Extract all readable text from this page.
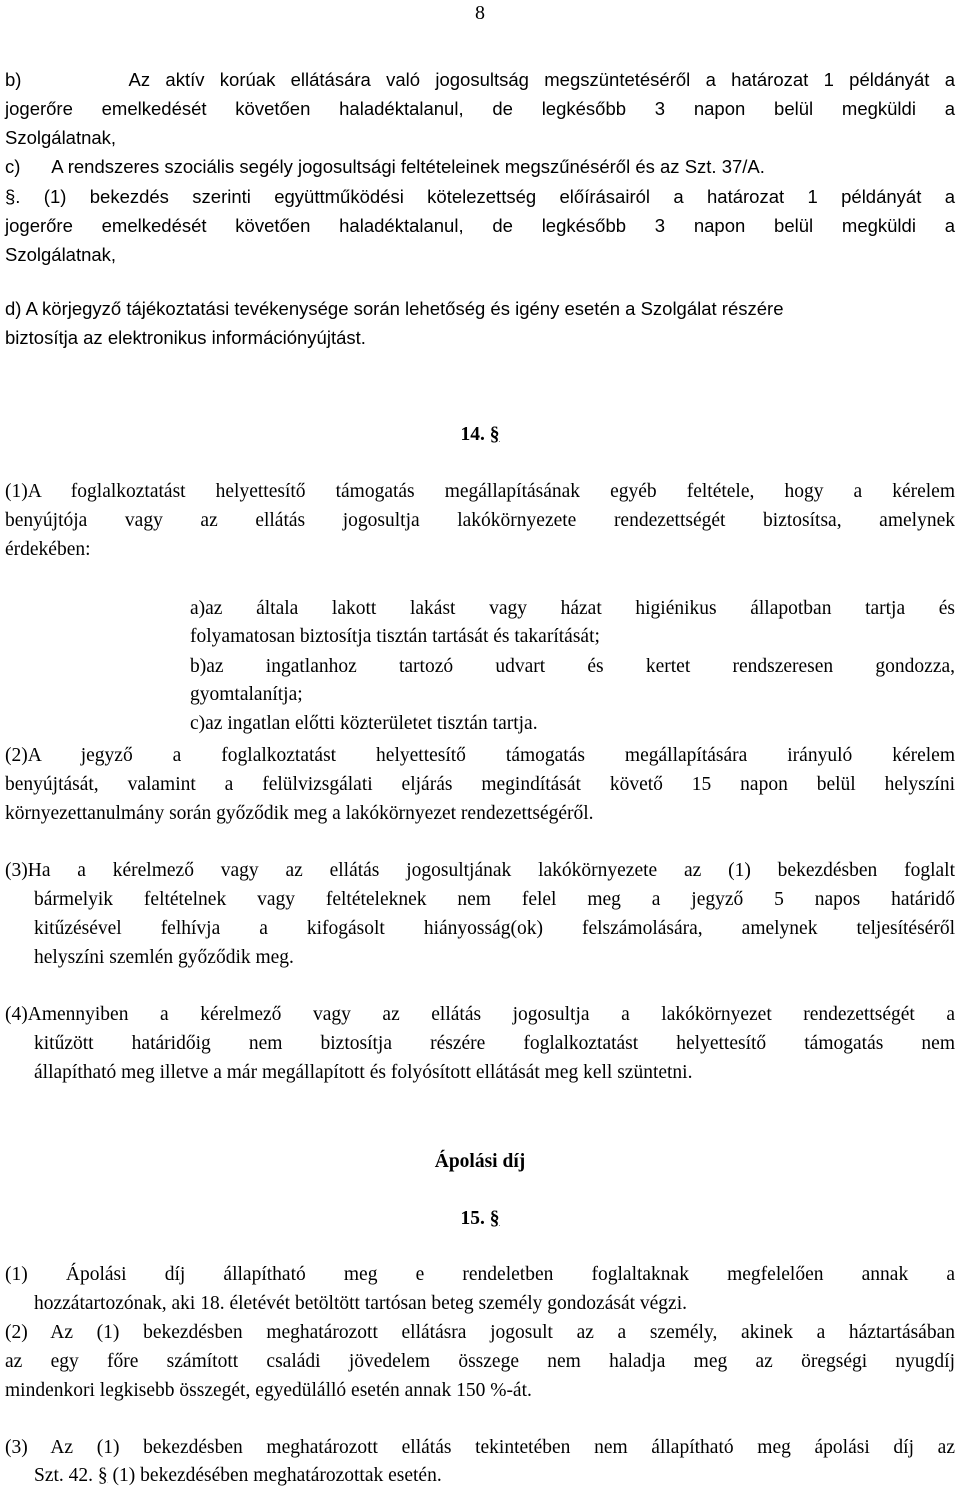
8
b)       Az aktív korúak ellátására való jogosultság megszüntetéséről a határozat 1 példányát a
jogerőre emelkedését követően haladéktalanul, de legkésőbb 3 napon belül megküldi a
Szolgálatnak,
c)      A rendszeres szociális segély jogosultsági feltételeinek megszűnéséről és az Szt. 37/A.
§. (1) bekezdés szerinti együttműködési kötelezettség előírásairól a határozat 1 példányát a
jogerőre emelkedését követően haladéktalanul, de legkésőbb 3 napon belül megküldi a
Szolgálatnak,
d) A körjegyző tájékoztatási tevékenysége során lehetőség és igény esetén a Szolgálat részére
biztosítja az elektronikus információnyújtást.
14. §
(1)A foglalkoztatást helyettesítő támogatás megállapításának egyéb feltétele, hogy a kérelem
benyújtója vagy az ellátás jogosultja lakókörnyezete rendezettségét biztosítsa, amelynek
érdekében:
a)az általa lakott lakást vagy házat higiénikus állapotban tartja és
folyamatosan biztosítja tisztán tartását és takarítását;
b)az ingatlanhoz tartozó udvart és kertet rendszeresen gondozza,
gyomtalanítja;
c)az ingatlan előtti közterületet tisztán tartja.
(2)A jegyző a foglalkoztatást helyettesítő támogatás megállapítására irányuló kérelem
benyújtását, valamint a felülvizsgálati eljárás megindítását követő 15 napon belül helyszíni
környezettanulmány során győződik meg a lakókörnyezet rendezettségéről.
(3)Ha a kérelmező vagy az ellátás jogosultjának lakókörnyezete az (1) bekezdésben foglalt
bármelyik feltételnek vagy feltételeknek nem felel meg a jegyző 5 napos határidő
kitűzésével felhívja a kifogásolt hiányosság(ok) felszámolására, amelynek teljesítéséről
helyszíni szemlén győződik meg.
(4)Amennyiben a kérelmező vagy az ellátás jogosultja a lakókörnyezet rendezettségét a
kitűzött határidőig nem biztosítja részére foglalkoztatást helyettesítő támogatás nem
állapítható meg illetve a már megállapított és folyósított ellátását meg kell szüntetni.
Ápolási díj
15. §
(1) Ápolási díj állapítható meg e rendeletben foglaltaknak megfelelően annak a
hozzátartozónak, aki 18. életévét betöltött tartósan beteg személy gondozását végzi.
(2) Az (1) bekezdésben meghatározott ellátásra jogosult az a személy, akinek a háztartásában
az egy főre számított családi jövedelem összege nem haladja meg az öregségi nyugdíj
mindenkori legkisebb összegét, egyedülálló esetén annak 150 %-át.
(3) Az (1) bekezdésben meghatározott ellátás tekintetében nem állapítható meg ápolási díj az
Szt. 42. § (1) bekezdésében meghatározottak esetén.
